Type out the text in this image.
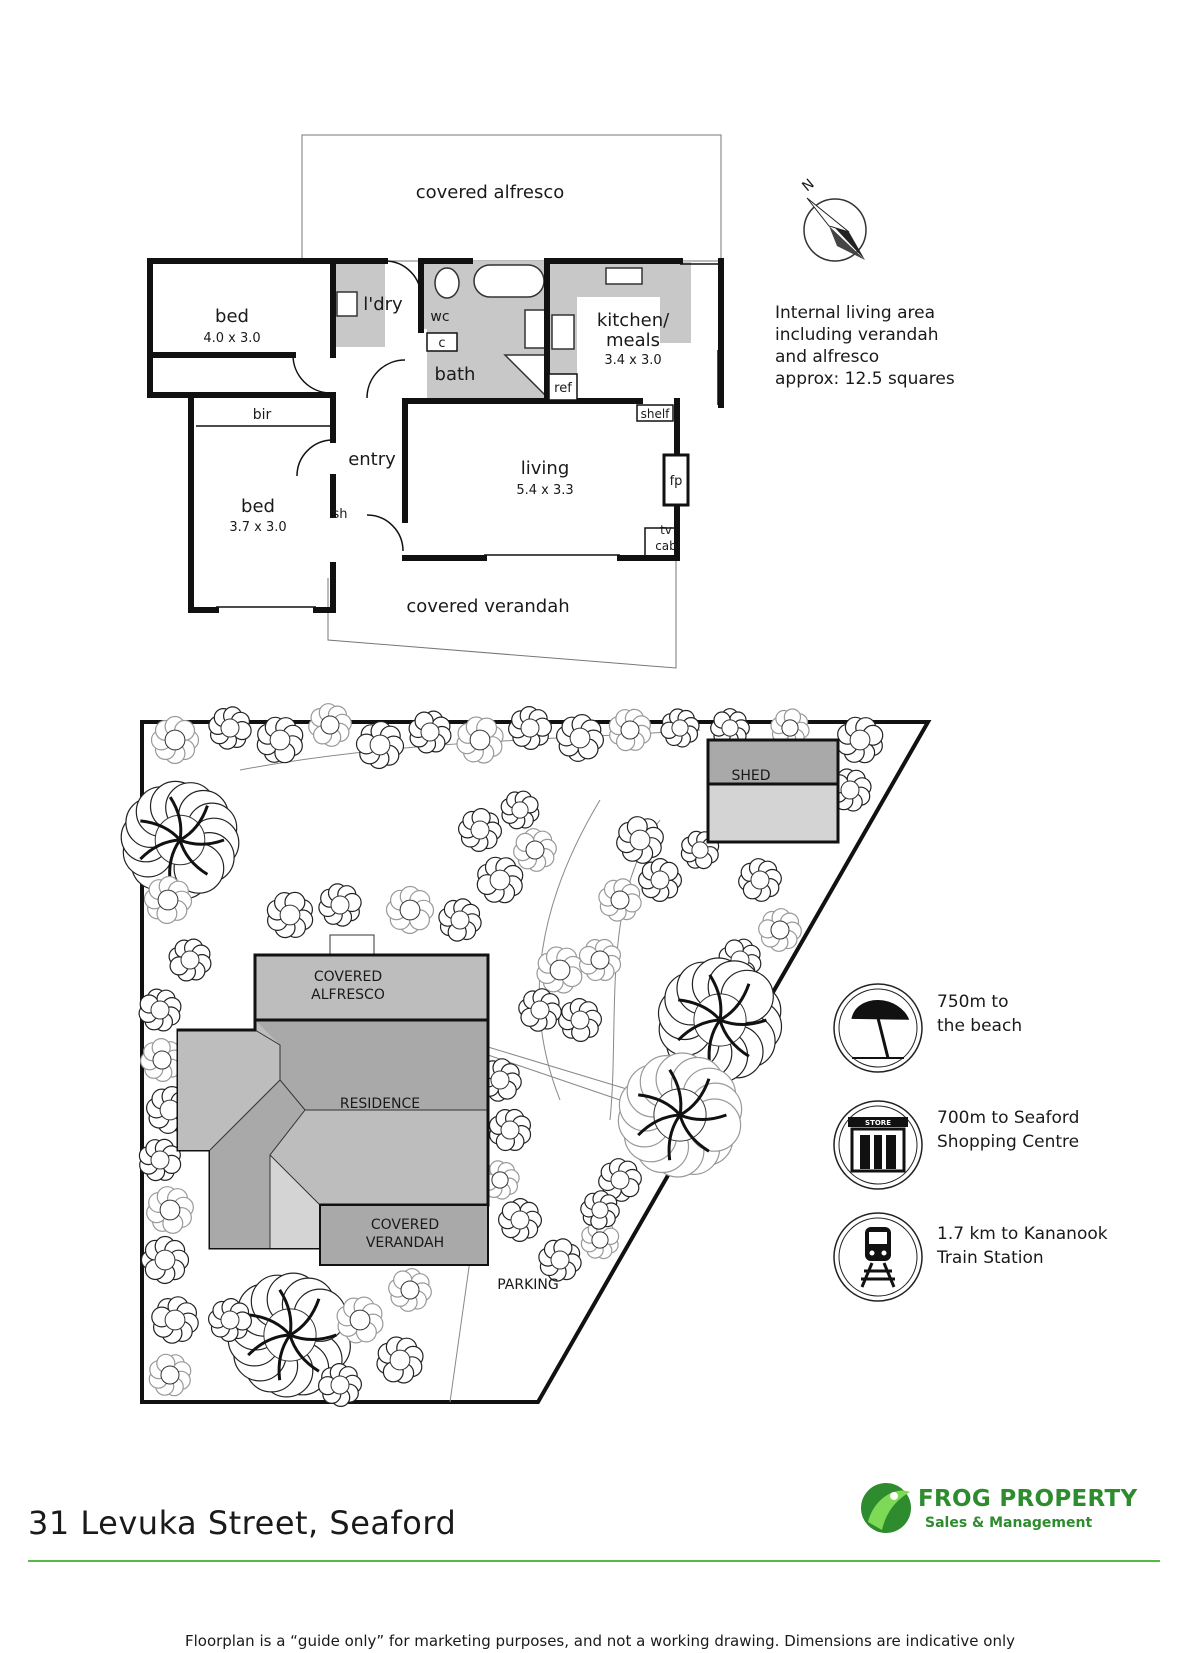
covered alfresco
bed
4.0 x 3.0
l'dry
wc
c
bath
kitchen/
meals
3.4 x 3.0
ref
bir
entry	living
5.4 x 3.3
shelf
fp
tv
cab
bed
3.7 x 3.0
sh
covered verandah
N
SHED
COVERED
ALFRESCO
RESIDENCE
COVERED
VERANDAH
PARKING
STORE
Internal living area
including verandah
and alfresco
approx: 12.5 squares
750m to
the beach
700m to Seaford
Shopping Centre
1.7 km to Kananook
Train Station
FROG PROPERTY
Sales & Management
31 Levuka Street, Seaford
Floorplan is a “guide only” for marketing purposes, and not a working drawing. Dimensions are indicative only
